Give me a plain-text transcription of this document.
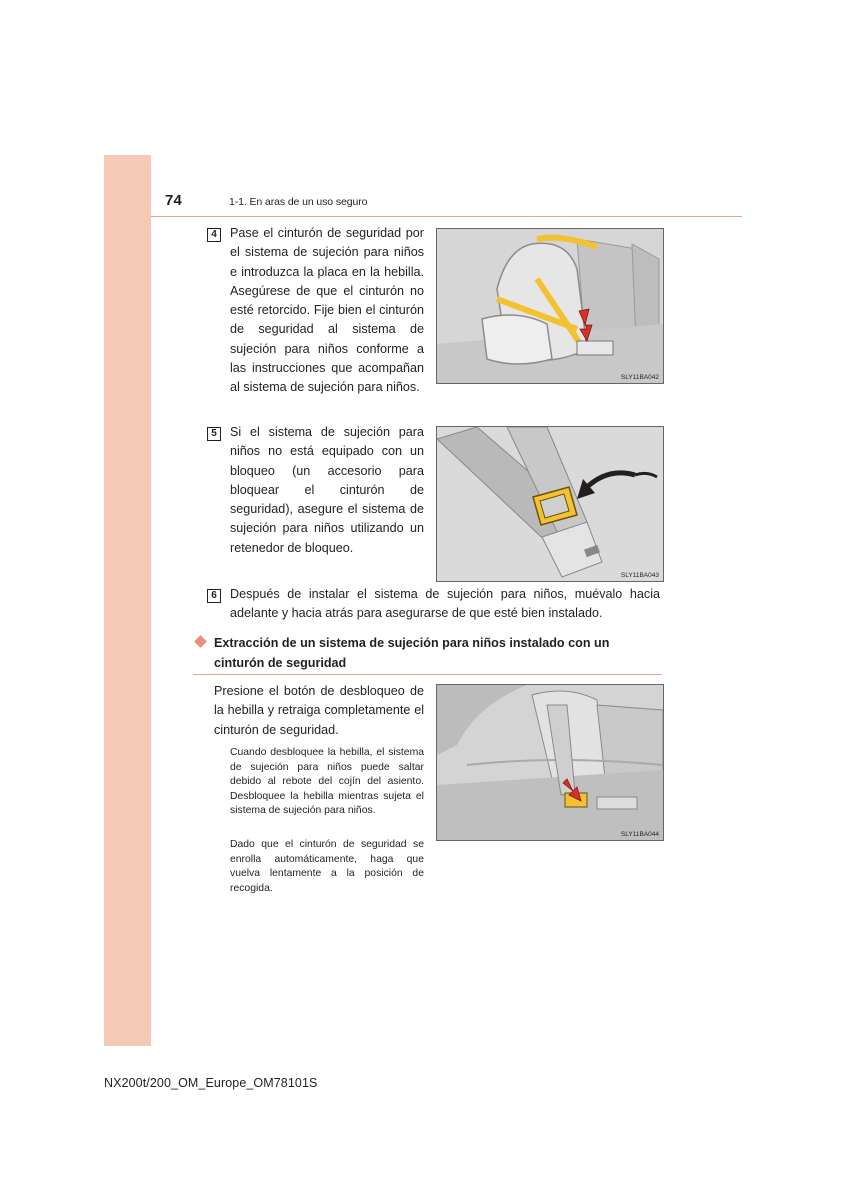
74	1-1. En aras de un uso seguro
4	Pase el cinturón de seguridad por el sistema de sujeción para niños e introduzca la placa en la hebilla. Asegúrese de que el cinturón no esté retorcido. Fije bien el cinturón de seguridad al sistema de sujeción para niños conforme a las instrucciones que acompañan al sistema de sujeción para niños.
SLY11BA042
5	Si el sistema de sujeción para niños no está equipado con un bloqueo (un accesorio para bloquear el cinturón de seguridad), asegure el sistema de sujeción para niños utilizando un retenedor de bloqueo.
SLY11BA043
6	Después de instalar el sistema de sujeción para niños, muévalo hacia adelante y hacia atrás para asegurarse de que esté bien instalado.
Extracción de un sistema de sujeción para niños instalado con un cinturón de seguridad
Presione el botón de desbloqueo de la hebilla y retraiga completamente el cinturón de seguridad.
Cuando desbloquee la hebilla, el sistema de sujeción para niños puede saltar debido al rebote del cojín del asiento. Desbloquee la hebilla mientras sujeta el sistema de sujeción para niños.
Dado que el cinturón de seguridad se enrolla automáticamente, haga que vuelva lentamente a la posición de recogida.
SLY11BA044
NX200t/200_OM_Europe_OM78101S
